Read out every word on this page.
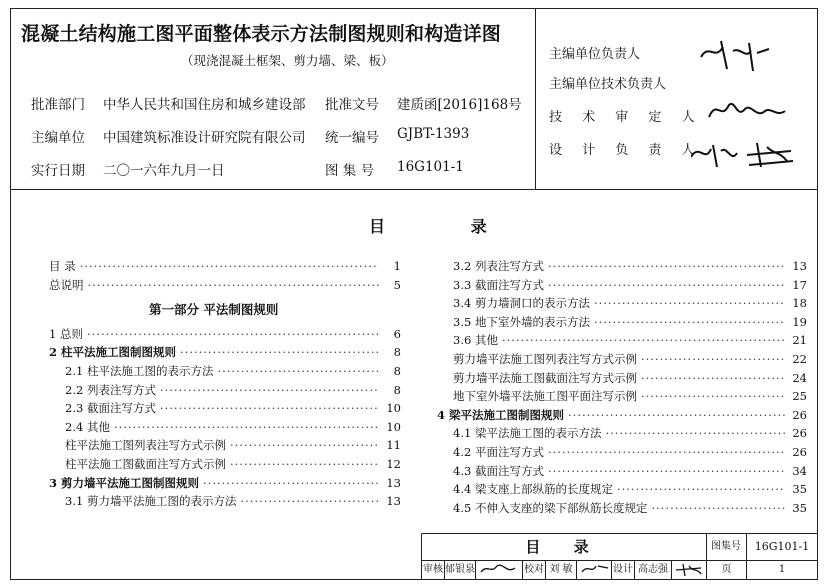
混凝土结构施工图平面整体表示方法制图规则和构造详图
（现浇混凝土框架、剪力墙、梁、板）
批准部门 中华人民共和国住房和城乡建设部 批准文号 建质函[2016]168号
主编单位 中国建筑标准设计研究院有限公司 统一编号 GJBT-1393
实行日期 二〇一六年九月一日	图 集 号 16G101-1
主编单位负责人
主编单位技术负责人
技 术 审 定 人
设 计 负 责 人
目 录
目 录 ·····	1
总说明 ·····	5
第一部分 平法制图规则
1 总则 ·····	6
2 柱平法施工图制图规则 ·····	8
2.1 柱平法施工图的表示方法 ·····	8
2.2 列表注写方式 ·····	8
2.3 截面注写方式 ·····	10
2.4 其他 ·····	10
柱平法施工图列表注写方式示例 ·····	11
柱平法施工图截面注写方式示例 ·····	12
3 剪力墙平法施工图制图规则 ·····	13
3.1 剪力墙平法施工图的表示方法 ·····	13
3.2 列表注写方式 ·····	13
3.3 截面注写方式 ·····	17
3.4 剪力墙洞口的表示方法 ·····	18
3.5 地下室外墙的表示方法 ·····	19
3.6 其他 ·····	21
剪力墙平法施工图列表注写方式示例 ·····	22
剪力墙平法施工图截面注写方式示例 ·····	24
地下室外墙平法施工图平面注写示例 ·····	25
4 梁平法施工图制图规则 ·····	26
4.1 梁平法施工图的表示方法 ·····	26
4.2 平面注写方式 ·····	26
4.3 截面注写方式 ·····	34
4.4 梁支座上部纵筋的长度规定 ·····	35
4.5 不伸入支座的梁下部纵筋长度规定 ·····	35
目 录	图集号	16G101-1
审核 郁银泉	校对 刘 敏	设计 高志强	页	1
